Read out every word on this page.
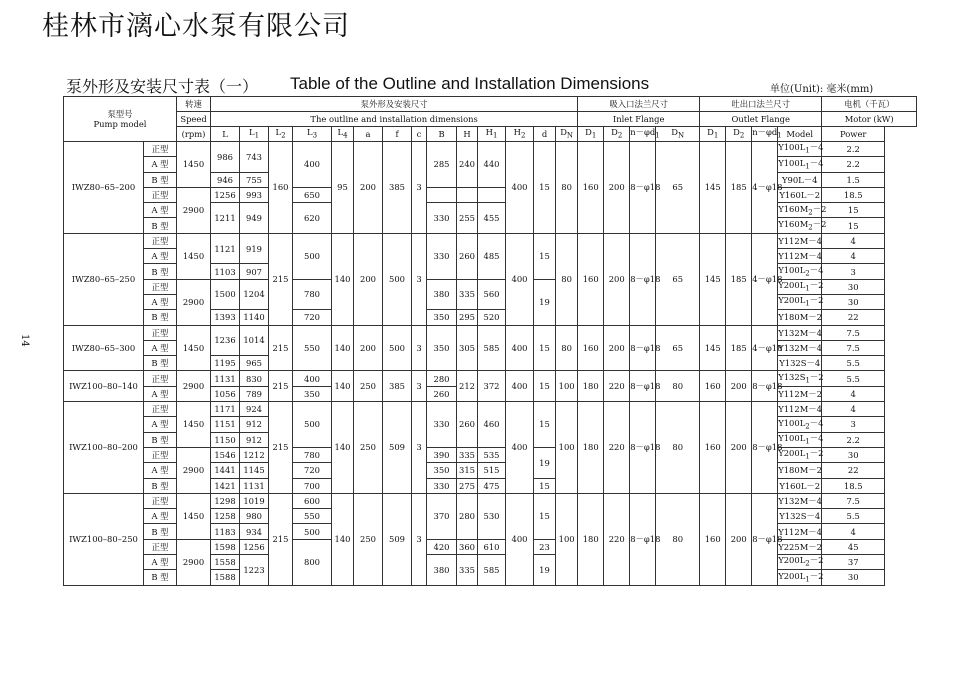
桂林市漓心水泵有限公司
泵外形及安装尺寸表（一） Table of the Outline and Installation Dimensions	单位(Unit): 毫米(mm)
14
泵型号
Pump model		转速	泵外形及安装尺寸														吸入口法兰尺寸				吐出口法兰尺寸				电机（千瓦）
		Speed	The outline and installation dimensions														Inlet Flange				Outlet Flange				Motor (kW)
		(rpm)	L	$L_1$	$L_2$	$L_3$	$L_4$	a	f	c	B	H	$H_1$	$H_2$	d	$D_N$	$D_1$	$D_2$	$n-\varphi d_1$	$D_N$	$D_1$	$D_2$	$n-\varphi d_1$	Model	Power
IWZ80–65–200	正型	1450	986	743	160	400	95	200	385	3	285	240	440	400	15	80	160	200	8－φ18	65	145	185	4－φ18	$Y100L_1-4$	2.2
	A 型																							$Y100L_1-4$	2.2
	B 型		946	755																				Y90L－4	1.5
	正型	2900	1256	993		650																		Y160L－2	18.5
	A 型		1211	949		620					330	255	455											$Y160M_2-2$	15
	B 型																							$Y160M_2-2$	15
IWZ80–65–250	正型	1450	1121	919	215	500	140	200	500	3	330	260	485	400	15	80	160	200	8－φ18	65	145	185	4－φ18	Y112M－4	4
	A 型																							Y112M－4	4
	B 型		1103	907																				$Y100L_2-4$	3
	正型	2900	1500	1204		780					380	335	560		19									$Y200L_1-2$	30
	A 型																							$Y200L_1-2$	30
	B 型		1393	1140		720					350	295	520											Y180M－2	22
IWZ80–65–300	正型	1450	1236	1014	215	550	140	200	500	3	350	305	585	400	15	80	160	200	8－φ18	65	145	185	4－φ18	Y132M－4	7.5
	A 型																							Y132M－4	7.5
	B 型		1195	965																				Y132S－4	5.5
IWZ100–80–140	正型	2900	1131	830	215	400	140	250	385	3	280	212	372	400	15	100	180	220	8－φ18	80	160	200	8－φ18	$Y132S_1-2$	5.5
	A 型		1056	789		350					260													Y112M－2	4
IWZ100–80–200	正型	1450	1171	924	215	500	140	250	509	3	330	260	460	400	15	100	180	220	8－φ18	80	160	200	8－φ18	Y112M－4	4
	A 型		1151	912																				$Y100L_2-4$	3
	B 型		1150	912																				$Y100L_1-4$	2.2
	正型	2900	1546	1212		780					390	335	535		19									$Y200L_1-2$	30
	A 型		1441	1145		720					350	315	515											Y180M－2	22
	B 型		1421	1131		700					330	275	475		15									Y160L－2	18.5
IWZ100–80–250	正型	1450	1298	1019	215	600	140	250	509	3	370	280	530	400	15	100	180	220	8－φ18	80	160	200	8－φ18	Y132M－4	7.5
	A 型		1258	980		550																		Y132S－4	5.5
	B 型		1183	934		500																		Y112M－4	4
	正型	2900	1598	1256		800					420	360	610		23									Y225M－2	45
	A 型		1558	1223							380	335	585		19									$Y200L_2-2$	37
	B 型		1588																					$Y200L_1-2$	30
